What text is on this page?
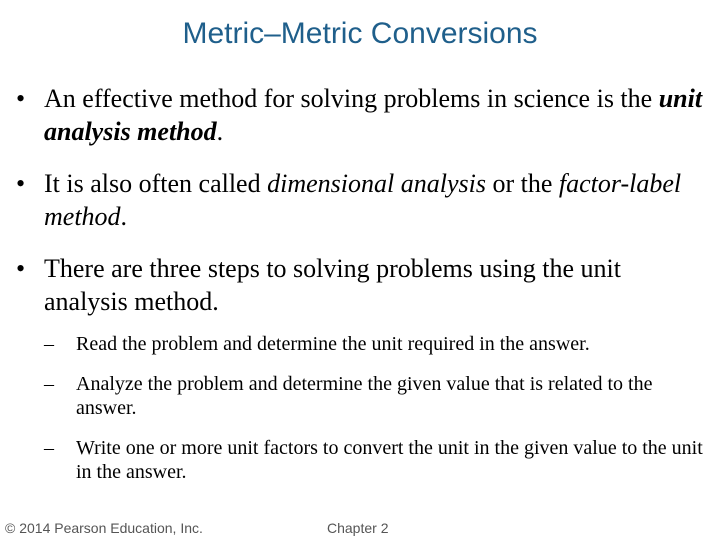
Metric–Metric Conversions
• An effective method for solving problems in science is the unit analysis method.
• It is also often called dimensional analysis or the factor-label method.
• There are three steps to solving problems using the unit analysis method.
– Read the problem and determine the unit required in the answer.
– Analyze the problem and determine the given value that is related to the answer.
– Write one or more unit factors to convert the unit in the given value to the unit in the answer.
© 2014 Pearson Education, Inc.	Chapter 2
